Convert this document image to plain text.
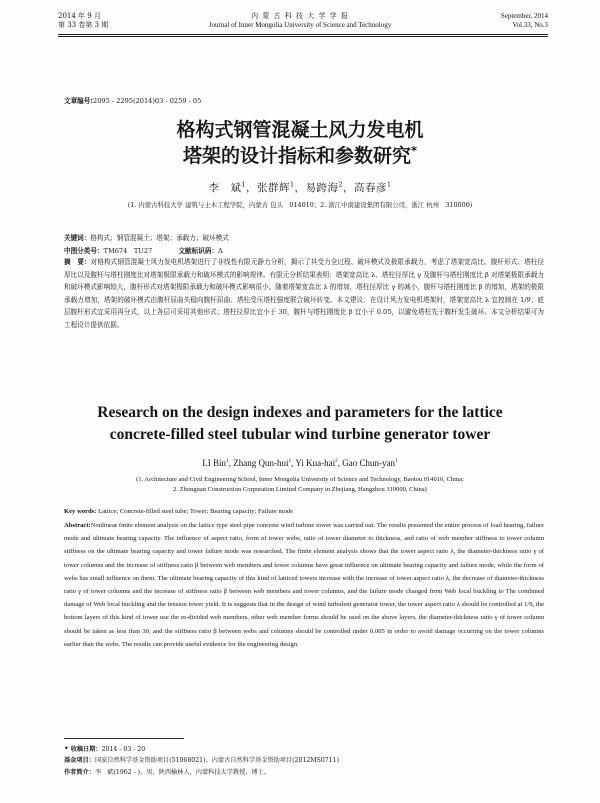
2014 年 9 月
第 33 卷第 3 期
内 蒙 古 科 技 大 学 学 报
Journal of Inner Mongolia University of Science and Technology
September, 2014
Vol.33, No.3
文章编号:2095 - 2295(2014)03 - 0259 - 05
格构式钢管混凝土风力发电机
塔架的设计指标和参数研究*
李　斌$^1$，张群辉$^1$，易跨海$^2$，高春彦$^1$
(1. 内蒙古科技大学 建筑与土木工程学院，内蒙古 包头　014010；2. 浙江中南建设集团有限公司，浙江 杭州　310000)
关键词：格构式；钢管混凝土；塔架；承载力；破坏模式
中图分类号：TM674　TU27	文献标识码：A
摘　要：对格构式钢管混凝土风力发电机塔架进行了非线性有限元静力分析，揭示了其受力全过程、破坏模式及极限承载力，考虑了塔架宽高比、腹杆形式、塔柱径厚比以及腹杆与塔柱刚度比对塔架极限承载力和破坏模式的影响规律。有限元分析结果表明：塔架宽高比 λ、塔柱径厚比 γ 及腹杆与塔柱刚度比 β 对塔架极限承载力和破坏模式影响较大，腹杆形式对塔架极限承载力和破坏模式影响很小。随着塔架宽高比 λ 的增加，塔柱径厚比 γ 的减小，腹杆与塔柱刚度比 β 的增加，塔架的极限承载力增加，塔架的破坏模式由腹杆屈曲失稳向腹杆屈曲、塔柱受压塔柱强度联合破坏转变。本文建议：在设计风力发电机塔架时，塔架宽高比 λ 宜控制在 1/9；底层腹杆形式宜采用再分式，以上各层可采用其他形式；塔柱径厚比宜小于 30，腹杆与塔柱刚度比 β 宜小于 0.05，以避免塔柱先于腹杆发生破坏。本文分析结果可为工程设计提供依据。
Research on the design indexes and parameters for the lattice
concrete-filled steel tubular wind turbine generator tower
LI Bin$^1$, Zhang Qun-hui$^1$, Yi Kua-hai$^2$, Gao Chun-yan$^1$
(1. Architecture and Civil Engineering School, Inner Mongolia University of Science and Technology, Baotou 014010, China;
2. Zhongnan Construction Corporation Limited Company in Zhejiang, Hangzhou 310000, China)
Key words: Lattice; Concrete-filled steel tube; Tower; Bearing capacity; Failure mode
Abstract:Nonlinear finite element analysis on the lattice type steel pipe concrete wind turbine tower was carried out. The results presented the entire process of load bearing, failure mode and ultimate bearing capacity. The influence of aspect ratio, form of tower webs, ratio of tower diameter to thickness, and ratio of web member stiffness to tower column stiffness on the ultimate bearing capacity and tower failure mode was researched. The finite element analysis shows that the tower aspect ratio λ, the diameter-thickness ratio γ of tower columns and the increase of stiffness ratio β between web members and tower columns have great influence on ultimate bearing capacity and failure mode, while the form of webs has small influence on them. The ultimate bearing capacity of this kind of latticed towers increase with the increase of tower aspect ratio λ, the decrease of diameter-thickness ratio γ of tower columns and the increase of stiffness ratio β between web members and tower columns, and the failure mode changed from Web local buckling to The combined damage of Web local buckling and the tension tower yield. It is suggests that in the design of wind turbulent generator tower, the tower aspect ratio λ should be controlled at 1/9, the bottom layers of this kind of tower use the re-divided web members, other web member forms should be used on the above layers, the diameter-thickness ratio γ of tower column should be taken as less than 30, and the stiffness ratio β between webs and columns should be controlled under 0.005 in order to avoid damage occurring on the tower columns earlier than the webs. The results can provide useful evidence for the engineering design.
• 收稿日期：2014 - 03 - 20
基金项目：国家自然科学基金资助项目(51068021)，内蒙古自然科学基金资助项目(2012MS0711)
作者简介：李　斌(1962 - )，男，陕西榆林人，内蒙科技大学教授，博士。
